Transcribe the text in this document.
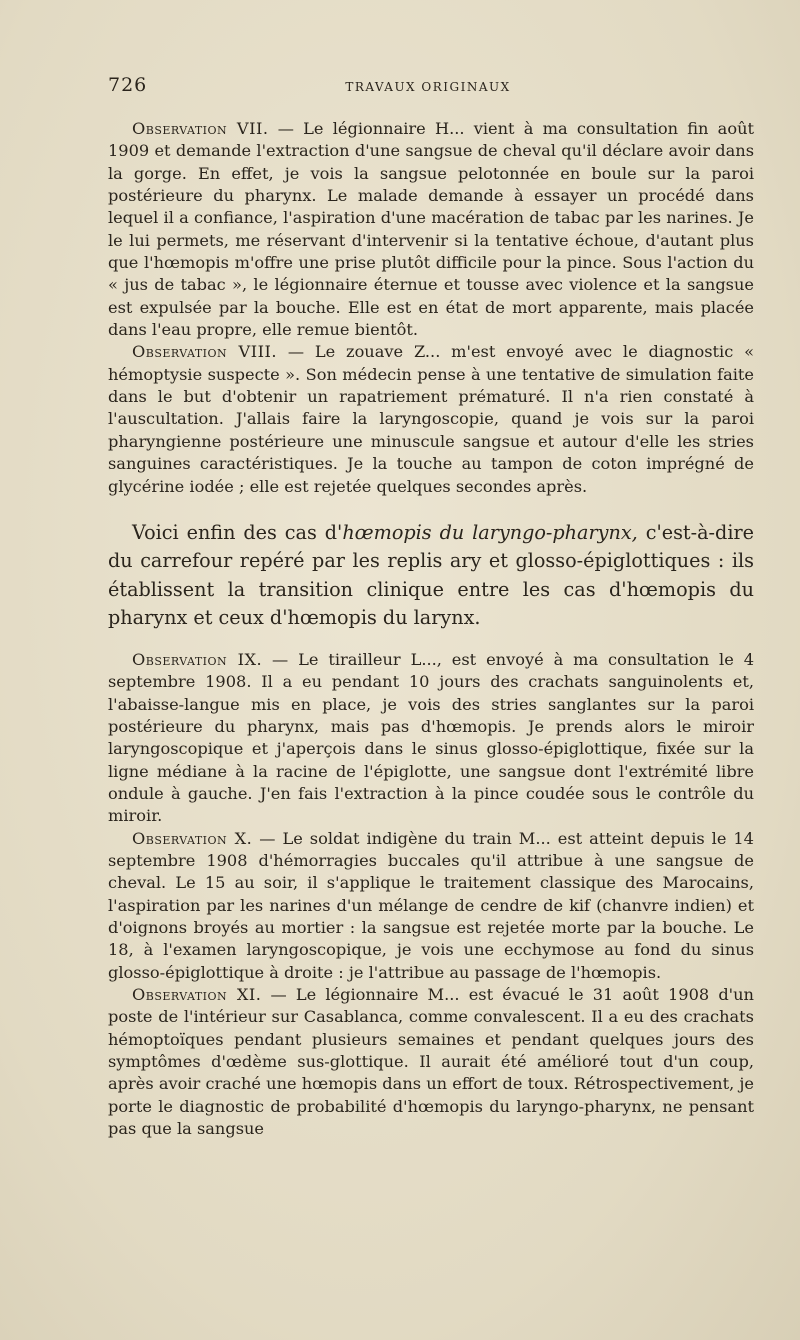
726	TRAVAUX ORIGINAUX

Observation VII. — Le légionnaire H... vient à ma consultation fin août 1909 et demande l'extraction d'une sangsue de cheval qu'il déclare avoir dans la gorge. En effet, je vois la sangsue pelotonnée en boule sur la paroi postérieure du pharynx. Le malade demande à essayer un procédé dans lequel il a confiance, l'aspiration d'une macération de tabac par les narines. Je le lui permets, me réservant d'intervenir si la tentative échoue, d'autant plus que l'hœmopis m'offre une prise plutôt difficile pour la pince. Sous l'action du « jus de tabac », le légionnaire éternue et tousse avec violence et la sangsue est expulsée par la bouche. Elle est en état de mort apparente, mais placée dans l'eau propre, elle remue bientôt.

Observation VIII. — Le zouave Z... m'est envoyé avec le diagnostic « hémoptysie suspecte ». Son médecin pense à une tentative de simulation faite dans le but d'obtenir un rapatriement prématuré. Il n'a rien constaté à l'auscultation. J'allais faire la laryngoscopie, quand je vois sur la paroi pharyngienne postérieure une minuscule sangsue et autour d'elle les stries sanguines caractéristiques. Je la touche au tampon de coton imprégné de glycérine iodée ; elle est rejetée quelques secondes après.

Voici enfin des cas d'hœmopis du laryngo-pharynx, c'est-à-dire du carrefour repéré par les replis ary et glosso-épiglottiques : ils établissent la transition clinique entre les cas d'hœmopis du pharynx et ceux d'hœmopis du larynx.

Observation IX. — Le tirailleur L..., est envoyé à ma consultation le 4 septembre 1908. Il a eu pendant 10 jours des crachats sanguinolents et, l'abaisse-langue mis en place, je vois des stries sanglantes sur la paroi postérieure du pharynx, mais pas d'hœmopis. Je prends alors le miroir laryngoscopique et j'aperçois dans le sinus glosso-épiglottique, fixée sur la ligne médiane à la racine de l'épiglotte, une sangsue dont l'extrémité libre ondule à gauche. J'en fais l'extraction à la pince coudée sous le contrôle du miroir.

Observation X. — Le soldat indigène du train M... est atteint depuis le 14 septembre 1908 d'hémorragies buccales qu'il attribue à une sangsue de cheval. Le 15 au soir, il s'applique le traitement classique des Marocains, l'aspiration par les narines d'un mélange de cendre de kif (chanvre indien) et d'oignons broyés au mortier : la sangsue est rejetée morte par la bouche. Le 18, à l'examen laryngoscopique, je vois une ecchymose au fond du sinus glosso-épiglottique à droite : je l'attribue au passage de l'hœmopis.

Observation XI. — Le légionnaire M... est évacué le 31 août 1908 d'un poste de l'intérieur sur Casablanca, comme convalescent. Il a eu des crachats hémoptoïques pendant plusieurs semaines et pendant quelques jours des symptômes d'œdème sus-glottique. Il aurait été amélioré tout d'un coup, après avoir craché une hœmopis dans un effort de toux. Rétrospectivement, je porte le diagnostic de probabilité d'hœmopis du laryngo-pharynx, ne pensant pas que la sangsue
